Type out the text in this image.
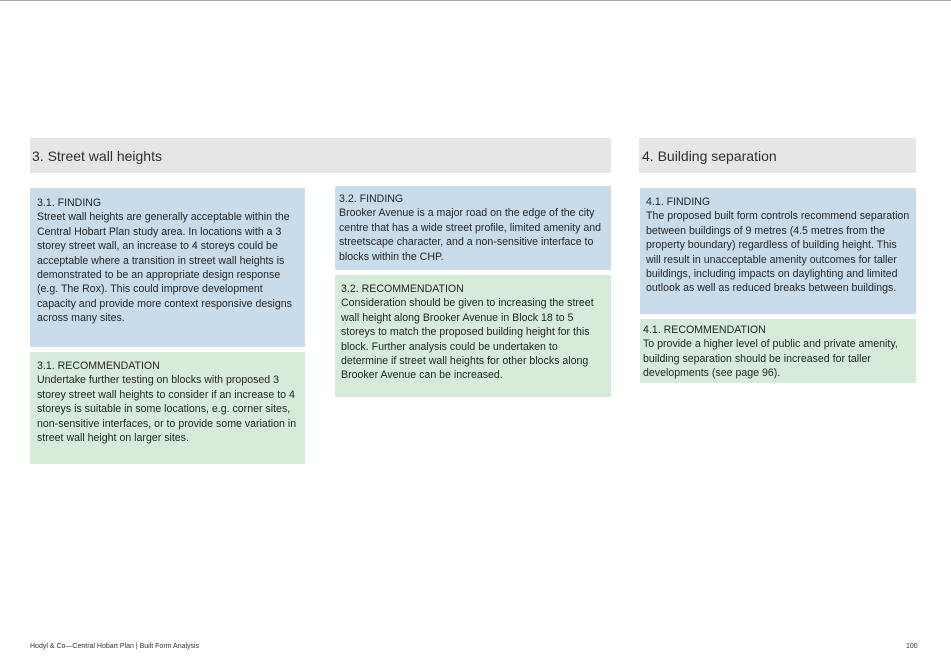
3. Street wall heights	4. Building separation
3.1. FINDING
Street wall heights are generally acceptable within the Central Hobart Plan study area. In locations with a 3 storey street wall, an increase to 4 storeys could be acceptable where a transition in street wall heights is demonstrated to be an appropriate design response (e.g. The Rox). This could improve development capacity and provide more context responsive designs across many sites.
3.1. RECOMMENDATION
Undertake further testing on blocks with proposed 3 storey street wall heights to consider if an increase to 4 storeys is suitable in some locations, e.g. corner sites, non-sensitive interfaces, or to provide some variation in street wall height on larger sites.
3.2. FINDING
Brooker Avenue is a major road on the edge of the city centre that has a wide street profile, limited amenity and streetscape character, and a non-sensitive interface to blocks within the CHP.
3.2. RECOMMENDATION
Consideration should be given to increasing the street wall height along Brooker Avenue in Block 18 to 5 storeys to match the proposed building height for this block. Further analysis could be undertaken to determine if street wall heights for other blocks along Brooker Avenue can be increased.
4.1. FINDING
The proposed built form controls recommend separation between buildings of 9 metres (4.5 metres from the property boundary) regardless of building height. This will result in unacceptable amenity outcomes for taller buildings, including impacts on daylighting and limited outlook as well as reduced breaks between buildings.
4.1. RECOMMENDATION
To provide a higher level of public and private amenity, building separation should be increased for taller developments (see page 96).
Hodyl & Co—Central Hobart Plan | Built Form Analysis	100
